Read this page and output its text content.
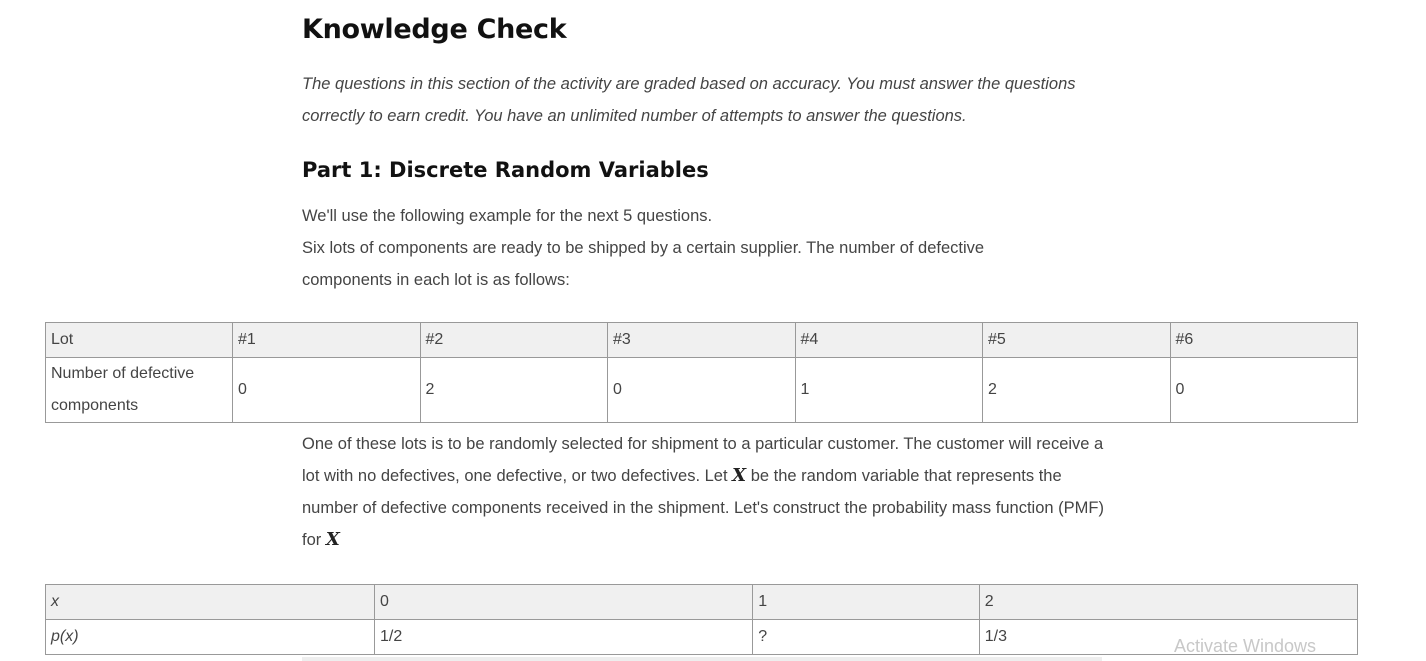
Knowledge Check

The questions in this section of the activity are graded based on accuracy. You must answer the questions correctly to earn credit. You have an unlimited number of attempts to answer the questions.

Part 1: Discrete Random Variables
We'll use the following example for the next 5 questions.
Six lots of components are ready to be shipped by a certain supplier. The number of defective components in each lot is as follows:
Lot	#1	#2	#3	#4	#5	#6
Number of defective components	0	2	0	1	2	0

One of these lots is to be randomly selected for shipment to a particular customer. The customer will receive a lot with no defectives, one defective, or two defectives. Let X be the random variable that represents the number of defective components received in the shipment. Let's construct the probability mass function (PMF) for X

x	0	1	2
p(x)	1/2	?	1/3	Activate Windows
